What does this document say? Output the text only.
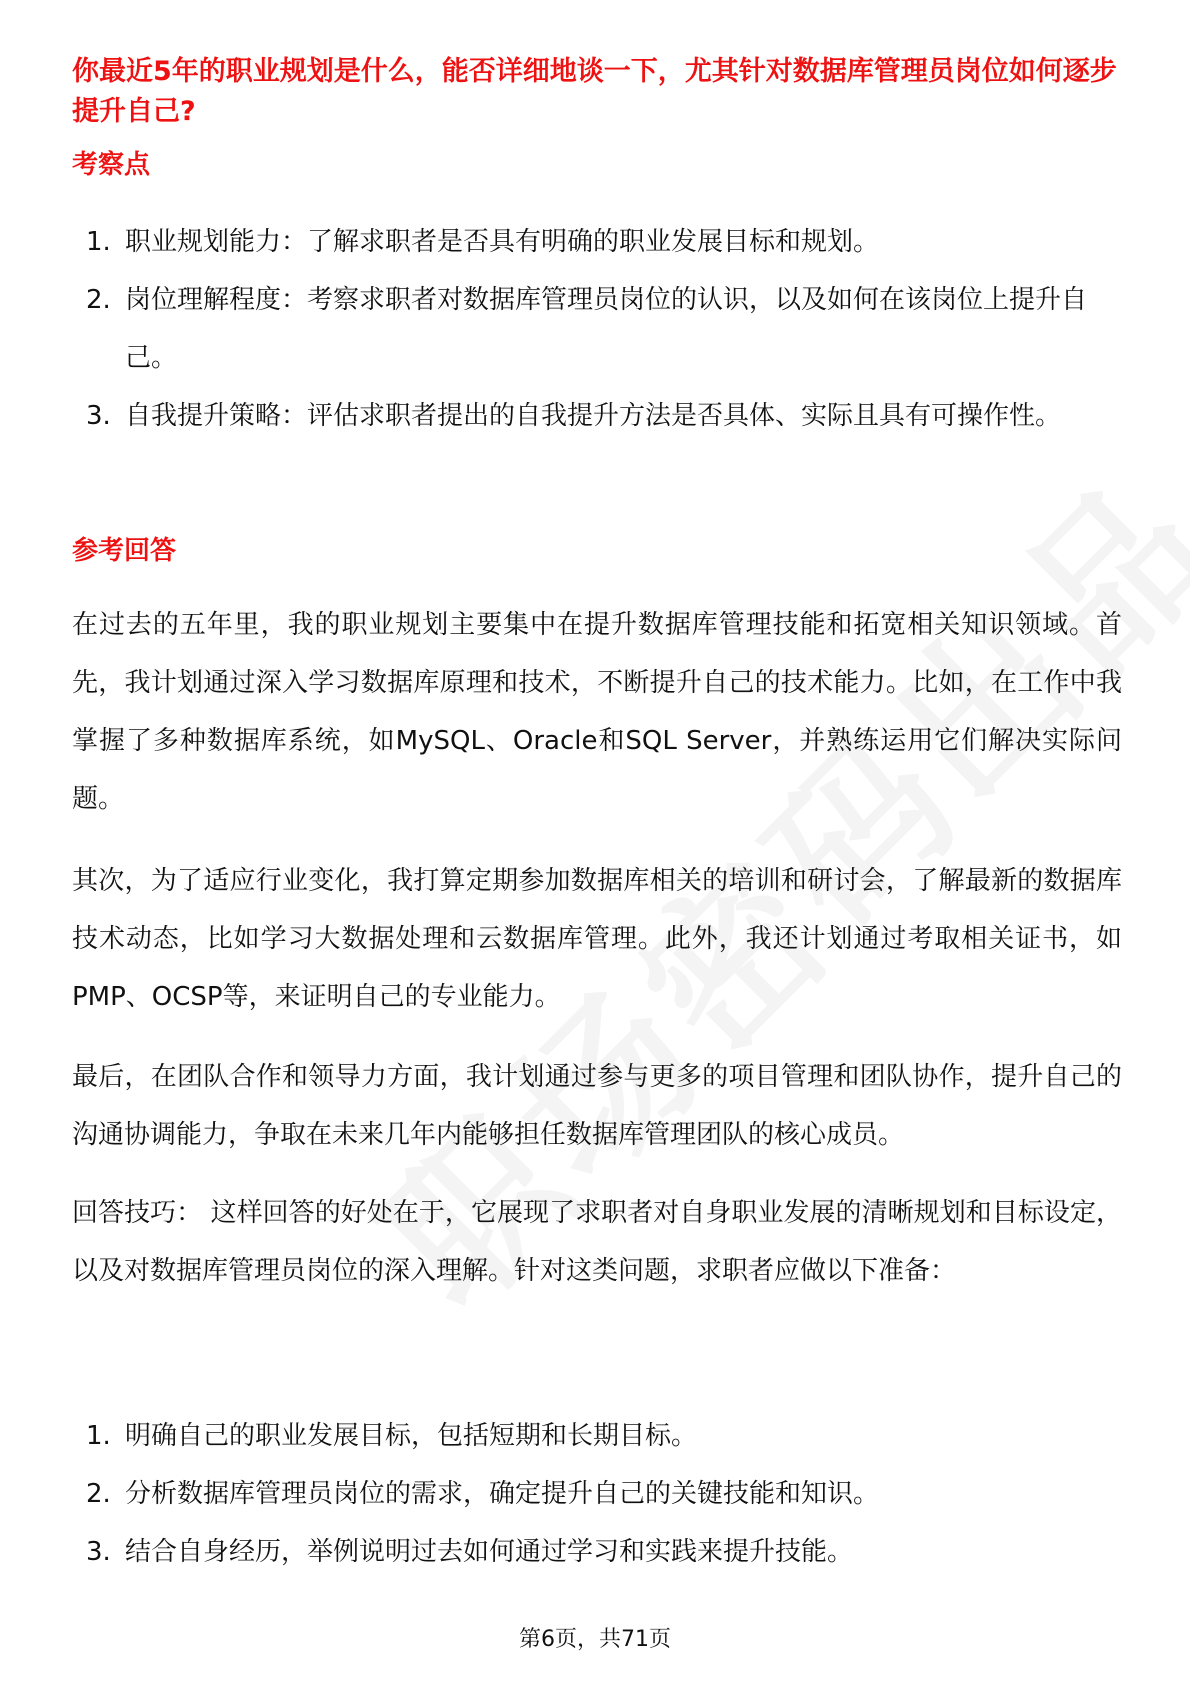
你最近5年的职业规划是什么，能否详细地谈一下，尤其针对数据库管理员岗位如何逐步提升自己?
考察点
1. 职业规划能力：了解求职者是否具有明确的职业发展目标和规划。
2. 岗位理解程度：考察求职者对数据库管理员岗位的认识，以及如何在该岗位上提升自己。
3. 自我提升策略：评估求职者提出的自我提升方法是否具体、实际且具有可操作性。
参考回答

在过去的五年里，我的职业规划主要集中在提升数据库管理技能和拓宽相关知识领域。首先，我计划通过深入学习数据库原理和技术，不断提升自己的技术能力。比如，在工作中我掌握了多种数据库系统，如MySQL、Oracle和SQL Server，并熟练运用它们解决实际问题。

其次，为了适应行业变化，我打算定期参加数据库相关的培训和研讨会，了解最新的数据库技术动态，比如学习大数据处理和云数据库管理。此外，我还计划通过考取相关证书，如PMP、OCSP等，来证明自己的专业能力。

最后，在团队合作和领导力方面，我计划通过参与更多的项目管理和团队协作，提升自己的沟通协调能力，争取在未来几年内能够担任数据库管理团队的核心成员。

回答技巧： 这样回答的好处在于，它展现了求职者对自身职业发展的清晰规划和目标设定，以及对数据库管理员岗位的深入理解。针对这类问题，求职者应做以下准备：

1. 明确自己的职业发展目标，包括短期和长期目标。
2. 分析数据库管理员岗位的需求，确定提升自己的关键技能和知识。
3. 结合自身经历，举例说明过去如何通过学习和实践来提升技能。

第6页，共71页
